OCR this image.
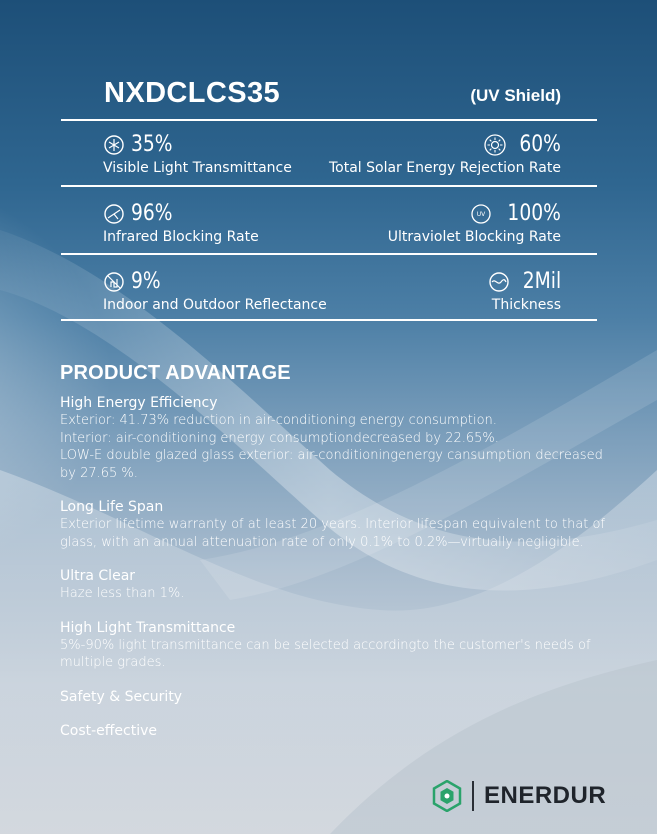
NXDCLCS35	(UV Shield)
35%
Visible Light Transmittance
60%
Total Solar Energy Rejection Rate
96%
Infrared Blocking Rate
UV 100%
Ultraviolet Blocking Rate
9%
Indoor and Outdoor Reflectance
2Mil
Thickness
PRODUCT ADVANTAGE
High Energy Efficiency
Exterior: 41.73% reduction in air-conditioning energy consumption.
Interior: air-conditioning energy consumptiondecreased by 22.65%.
LOW-E double glazed glass exterior: air-conditioningenergy cansumption decreased
by 27.65 %.
Long Life Span
Exterior lifetime warranty of at least 20 years. Interior lifespan equivalent to that of
glass, with an annual attenuation rate of only 0.1% to 0.2%—virtually negligible.
Ultra Clear
Haze less than 1%.
High Light Transmittance
5%-90% light transmittance can be selected accordingto the customer's needs of
multiple grades.
Safety & Security
Cost-effective
ENERDUR
